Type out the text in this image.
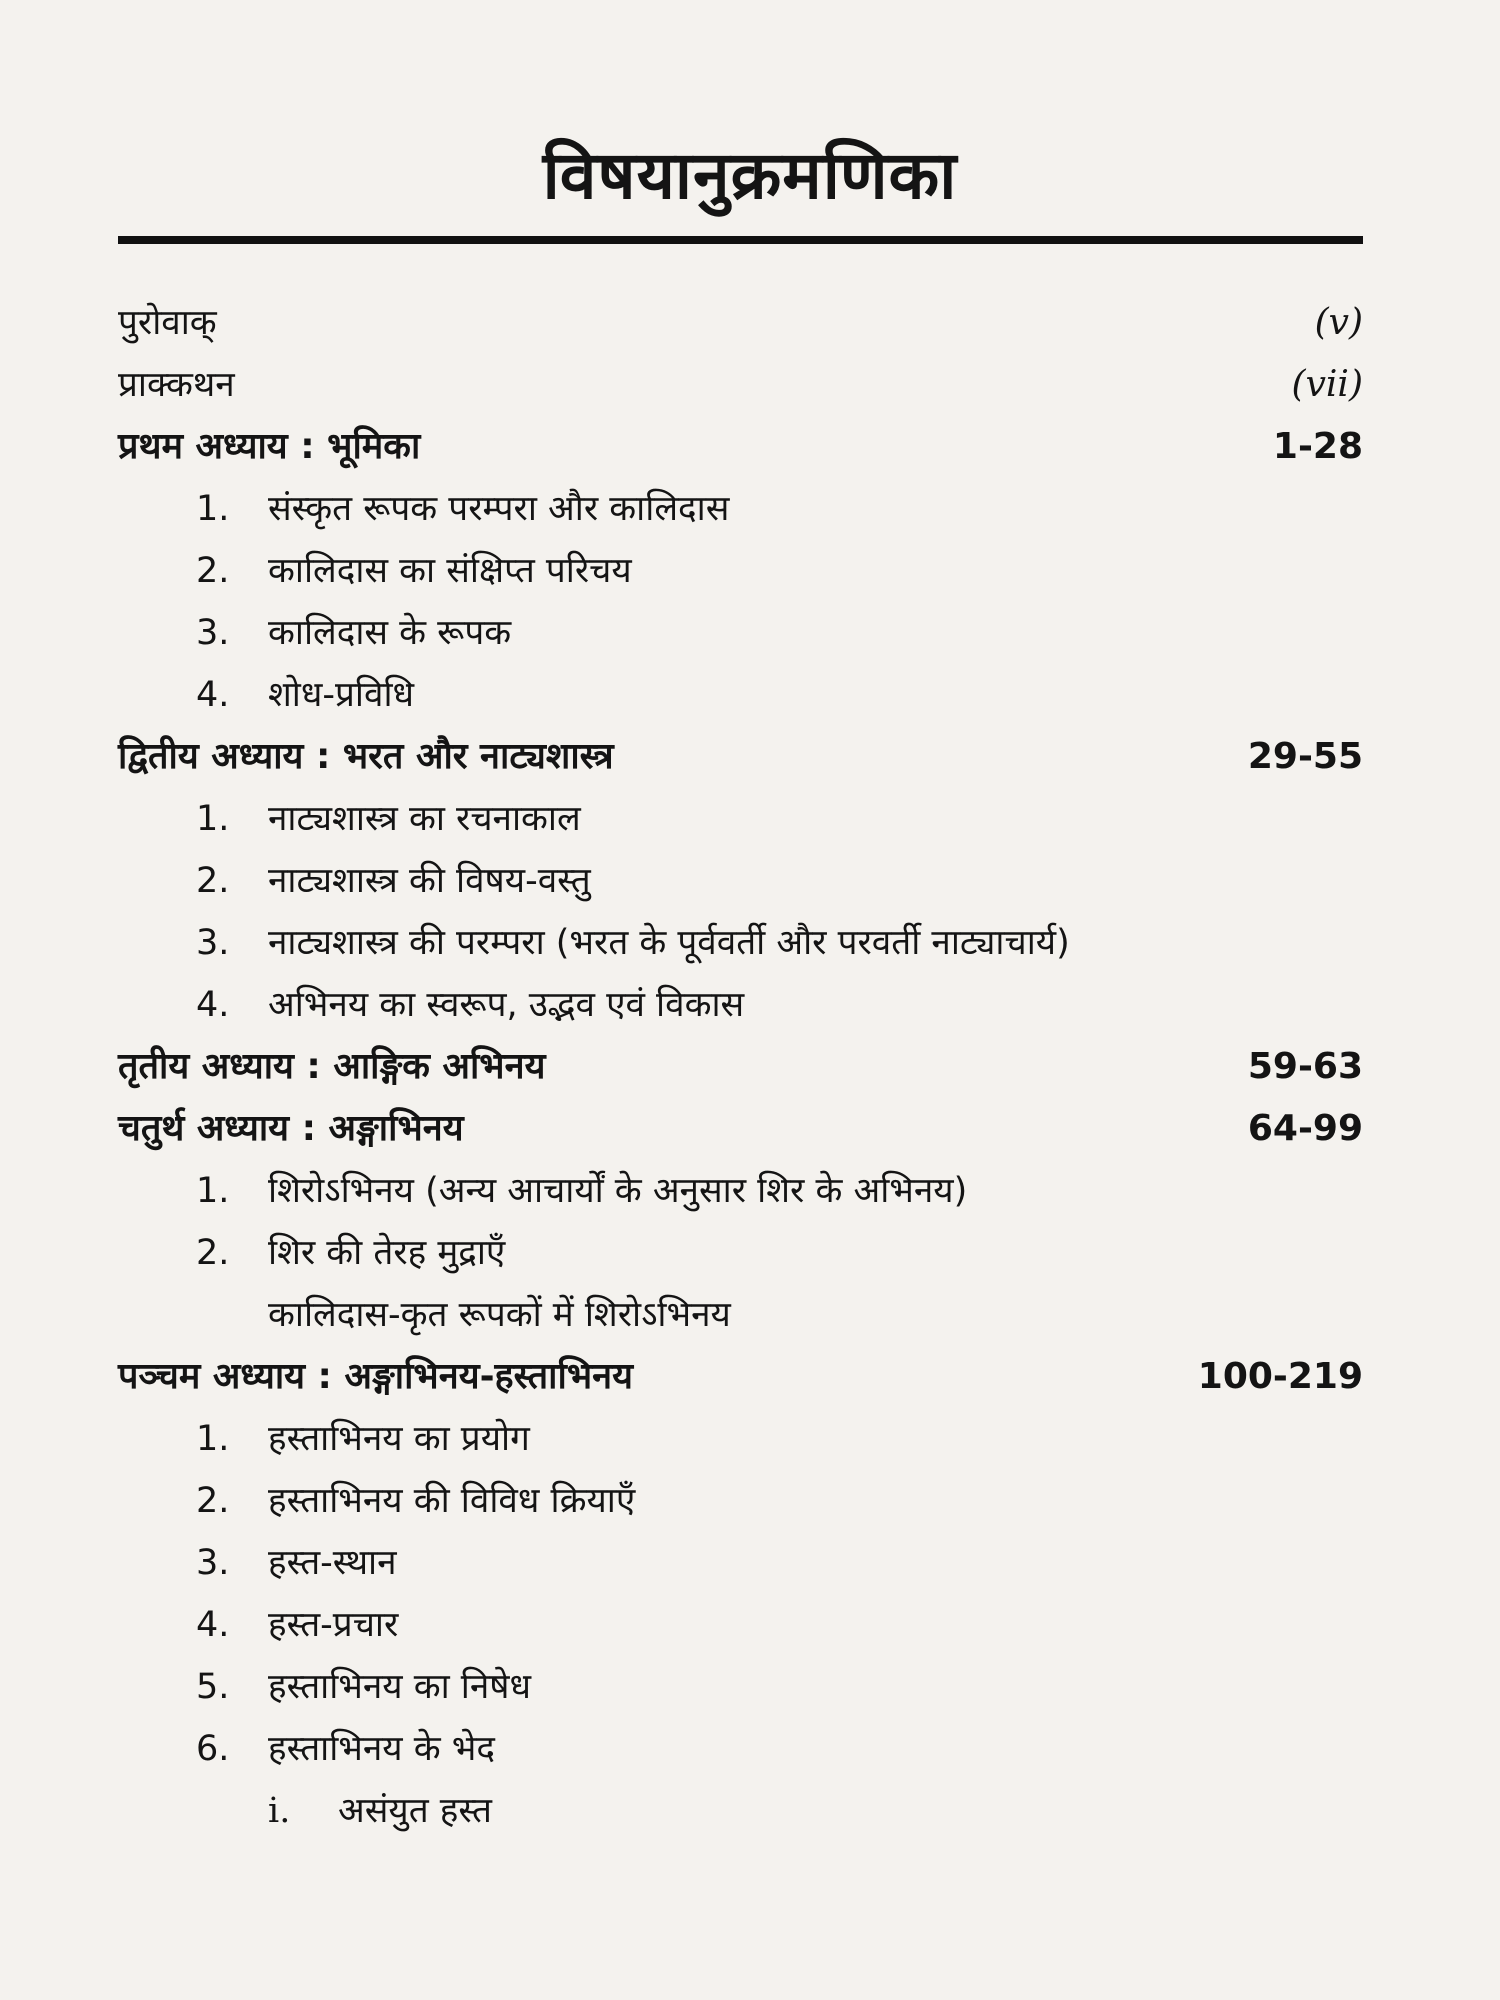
विषयानुक्रमणिका
पुरोवाक्	(v)
प्राक्कथन	(vii)
प्रथम अध्याय : भूमिका	1-28
1.	संस्कृत रूपक परम्परा और कालिदास
2.	कालिदास का संक्षिप्त परिचय
3.	कालिदास के रूपक
4.	शोध-प्रविधि
द्वितीय अध्याय : भरत और नाट्यशास्त्र	29-55
1.	नाट्यशास्त्र का रचनाकाल
2.	नाट्यशास्त्र की विषय-वस्तु
3.	नाट्यशास्त्र की परम्परा (भरत के पूर्ववर्ती और परवर्ती नाट्याचार्य)
4.	अभिनय का स्वरूप, उद्भव एवं विकास
तृतीय अध्याय : आङ्गिक अभिनय	59-63
चतुर्थ अध्याय : अङ्गाभिनय	64-99
1.	शिरोऽभिनय (अन्य आचार्यों के अनुसार शिर के अभिनय)
2.	शिर की तेरह मुद्राएँ
कालिदास-कृत रूपकों में शिरोऽभिनय
पञ्चम अध्याय : अङ्गाभिनय-हस्ताभिनय	100-219
1.	हस्ताभिनय का प्रयोग
2.	हस्ताभिनय की विविध क्रियाएँ
3.	हस्त-स्थान
4.	हस्त-प्रचार
5.	हस्ताभिनय का निषेध
6.	हस्ताभिनय के भेद
i.	असंयुत हस्त
